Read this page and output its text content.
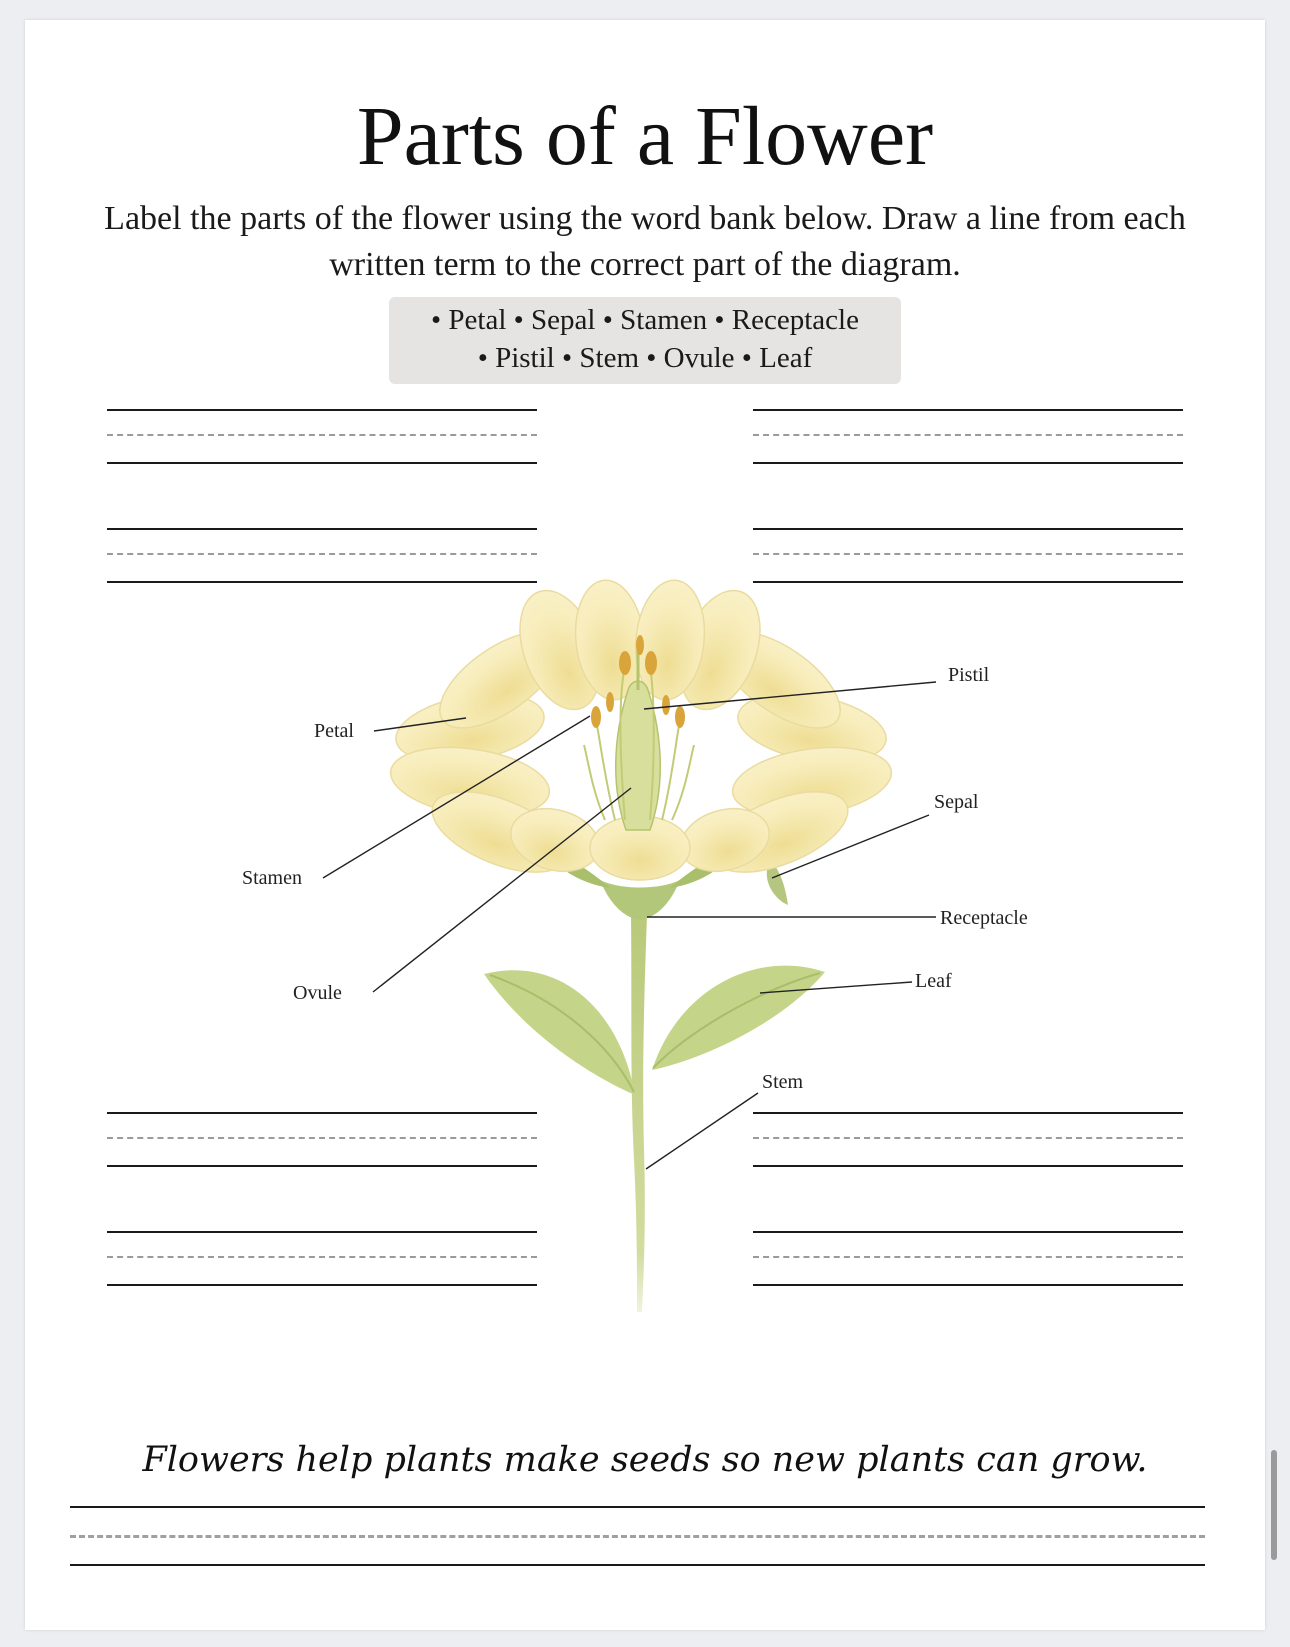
Parts of a Flower
Label the parts of the flower using the word bank below. Draw a line from each written term to the correct part of the diagram.
• Petal • Sepal • Stamen • Receptacle
• Pistil • Stem • Ovule • Leaf
Pistil
Petal
Sepal
Stamen
Receptacle
Ovule
Leaf
Stem
Flowers help plants make seeds so new plants can grow.
